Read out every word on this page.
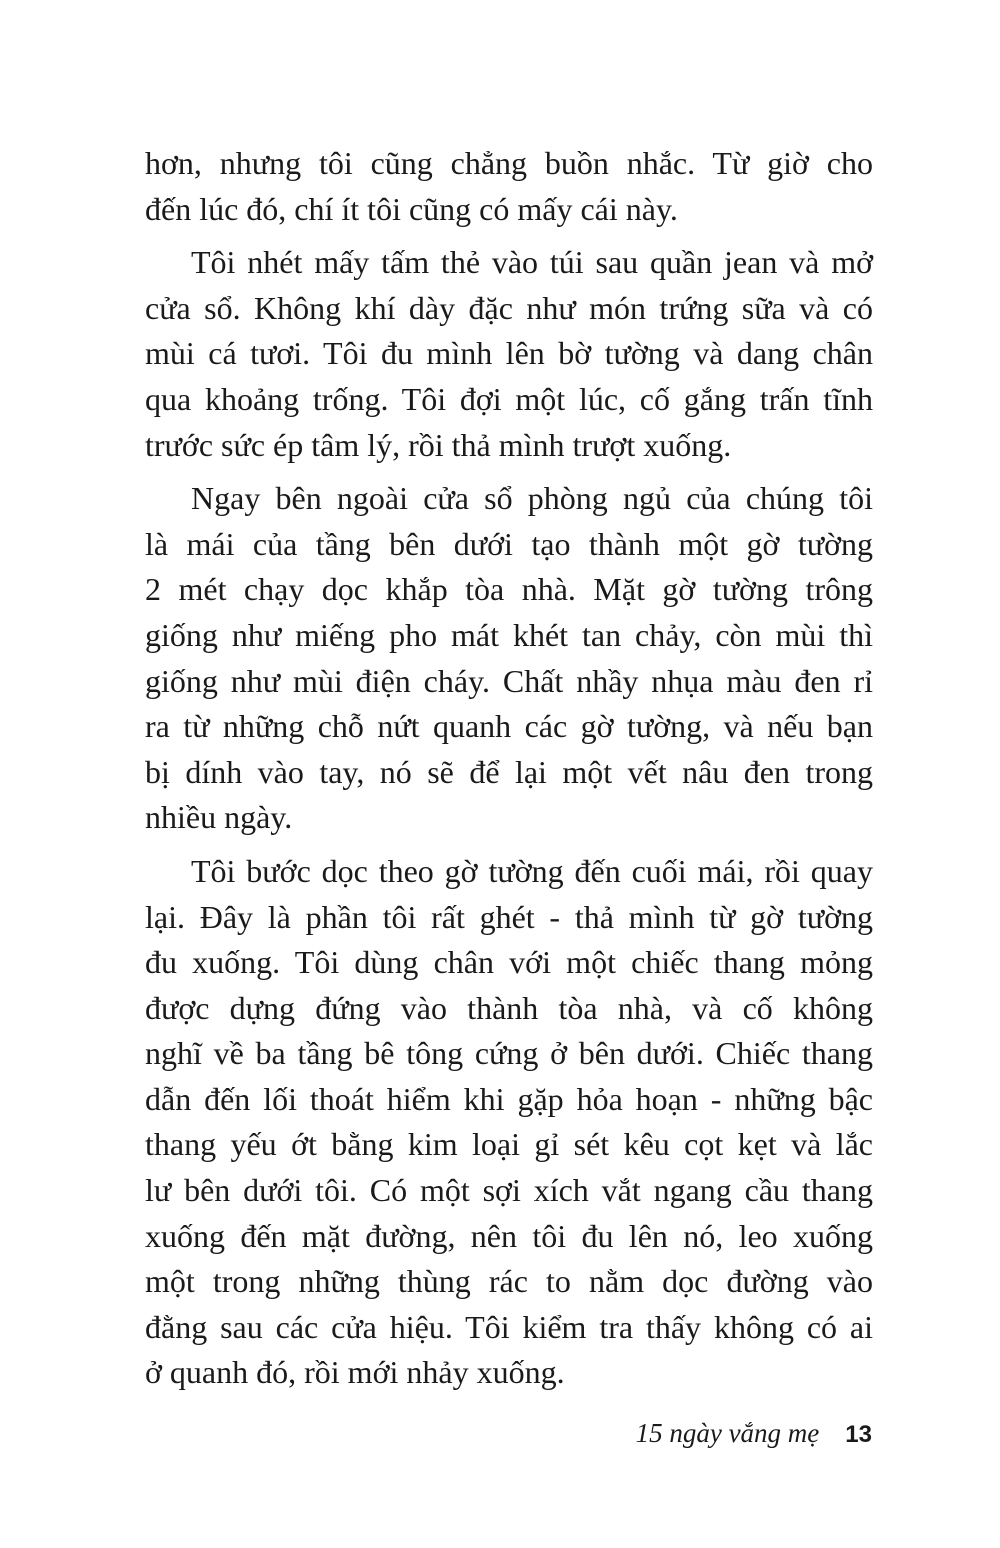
hơn, nhưng tôi cũng chẳng buồn nhắc. Từ giờ cho
đến lúc đó, chí ít tôi cũng có mấy cái này.
Tôi nhét mấy tấm thẻ vào túi sau quần jean và mở
cửa sổ. Không khí dày đặc như món trứng sữa và có
mùi cá tươi. Tôi đu mình lên bờ tường và dang chân
qua khoảng trống. Tôi đợi một lúc, cố gắng trấn tĩnh
trước sức ép tâm lý, rồi thả mình trượt xuống.
Ngay bên ngoài cửa sổ phòng ngủ của chúng tôi
là mái của tầng bên dưới tạo thành một gờ tường
2 mét chạy dọc khắp tòa nhà. Mặt gờ tường trông
giống như miếng pho mát khét tan chảy, còn mùi thì
giống như mùi điện cháy. Chất nhầy nhụa màu đen rỉ
ra từ những chỗ nứt quanh các gờ tường, và nếu bạn
bị dính vào tay, nó sẽ để lại một vết nâu đen trong
nhiều ngày.
Tôi bước dọc theo gờ tường đến cuối mái, rồi quay
lại. Đây là phần tôi rất ghét - thả mình từ gờ tường
đu xuống. Tôi dùng chân với một chiếc thang mỏng
được dựng đứng vào thành tòa nhà, và cố không
nghĩ về ba tầng bê tông cứng ở bên dưới. Chiếc thang
dẫn đến lối thoát hiểm khi gặp hỏa hoạn - những bậc
thang yếu ớt bằng kim loại gỉ sét kêu cọt kẹt và lắc
lư bên dưới tôi. Có một sợi xích vắt ngang cầu thang
xuống đến mặt đường, nên tôi đu lên nó, leo xuống
một trong những thùng rác to nằm dọc đường vào
đằng sau các cửa hiệu. Tôi kiểm tra thấy không có ai
ở quanh đó, rồi mới nhảy xuống.
15 ngày vắng mẹ 13
